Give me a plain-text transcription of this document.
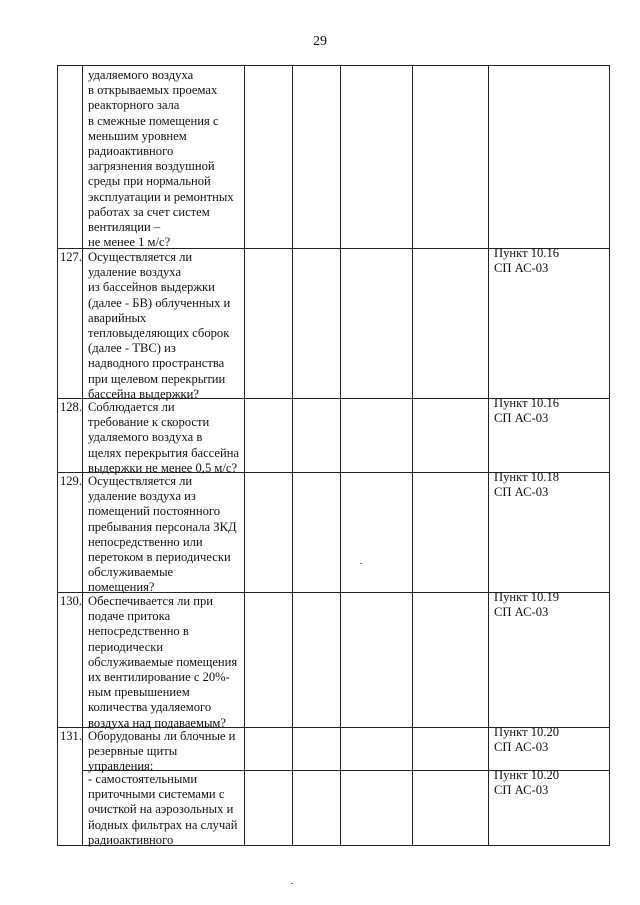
29
удаляемого воздуха
в открываемых проемах
реакторного зала
в смежные помещения с
меньшим уровнем
радиоактивного
загрязнения воздушной
среды при нормальной
эксплуатации и ремонтных
работах за счет систем
вентиляции –
не менее 1 м/с?
127. Осуществляется ли
удаление воздуха
из бассейнов выдержки
(далее - БВ) облученных и
аварийных
тепловыделяющих сборок
(далее - ТВС) из
надводного пространства
при щелевом перекрытии
бассейна выдержки?
Пункт 10.16
СП АС-03
128. Соблюдается ли
требование к скорости
удаляемого воздуха в
щелях перекрытия бассейна
выдержки не менее 0,5 м/с?
Пункт 10.16
СП АС-03
129. Осуществляется ли
удаление воздуха из
помещений постоянного
пребывания персонала ЗКД
непосредственно или
перетоком в периодически
обслуживаемые
помещения?
Пункт 10.18
СП АС-03
130. Обеспечивается ли при
подаче притока
непосредственно в
периодически
обслуживаемые помещения
их вентилирование с 20%-
ным превышением
количества удаляемого
воздуха над подаваемым?
Пункт 10.19
СП АС-03
131. Оборудованы ли блочные и
резервные щиты
управления:
Пункт 10.20
СП АС-03
- самостоятельными
приточными системами с
очисткой на аэрозольных и
йодных фильтрах на случай
радиоактивного
Пункт 10.20
СП АС-03
